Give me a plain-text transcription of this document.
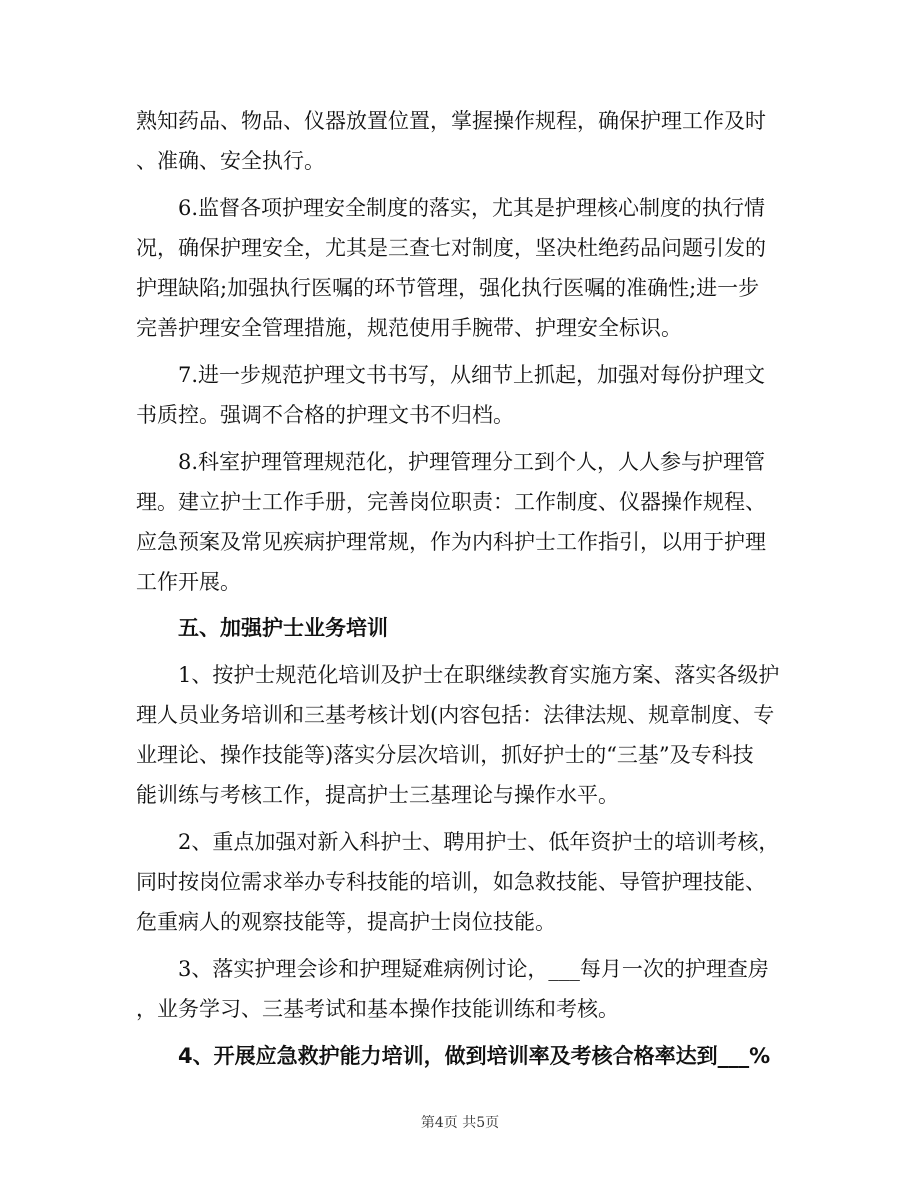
熟知药品、物品、仪器放置位置，掌握操作规程，确保护理工作及时

、准确、安全执行。

6.监督各项护理安全制度的落实，尤其是护理核心制度的执行情

况，确保护理安全，尤其是三查七对制度，坚决杜绝药品问题引发的

护理缺陷;加强执行医嘱的环节管理，强化执行医嘱的准确性;进一步

完善护理安全管理措施，规范使用手腕带、护理安全标识。

7.进一步规范护理文书书写，从细节上抓起，加强对每份护理文

书质控。强调不合格的护理文书不归档。

8.科室护理管理规范化，护理管理分工到个人，人人参与护理管

理。建立护士工作手册，完善岗位职责：工作制度、仪器操作规程、

应急预案及常见疾病护理常规，作为内科护士工作指引，以用于护理

工作开展。

五、加强护士业务培训

1、按护士规范化培训及护士在职继续教育实施方案、落实各级护

理人员业务培训和三基考核计划(内容包括：法律法规、规章制度、专

业理论、操作技能等)落实分层次培训，抓好护士的“三基”及专科技

能训练与考核工作，提高护士三基理论与操作水平。

2、重点加强对新入科护士、聘用护士、低年资护士的培训考核，

同时按岗位需求举办专科技能的培训，如急救技能、导管护理技能、

危重病人的观察技能等，提高护士岗位技能。

3、落实护理会诊和护理疑难病例讨论，___每月一次的护理查房

，业务学习、三基考试和基本操作技能训练和考核。

4、开展应急救护能力培训，做到培训率及考核合格率达到___%

第4页 共5页
